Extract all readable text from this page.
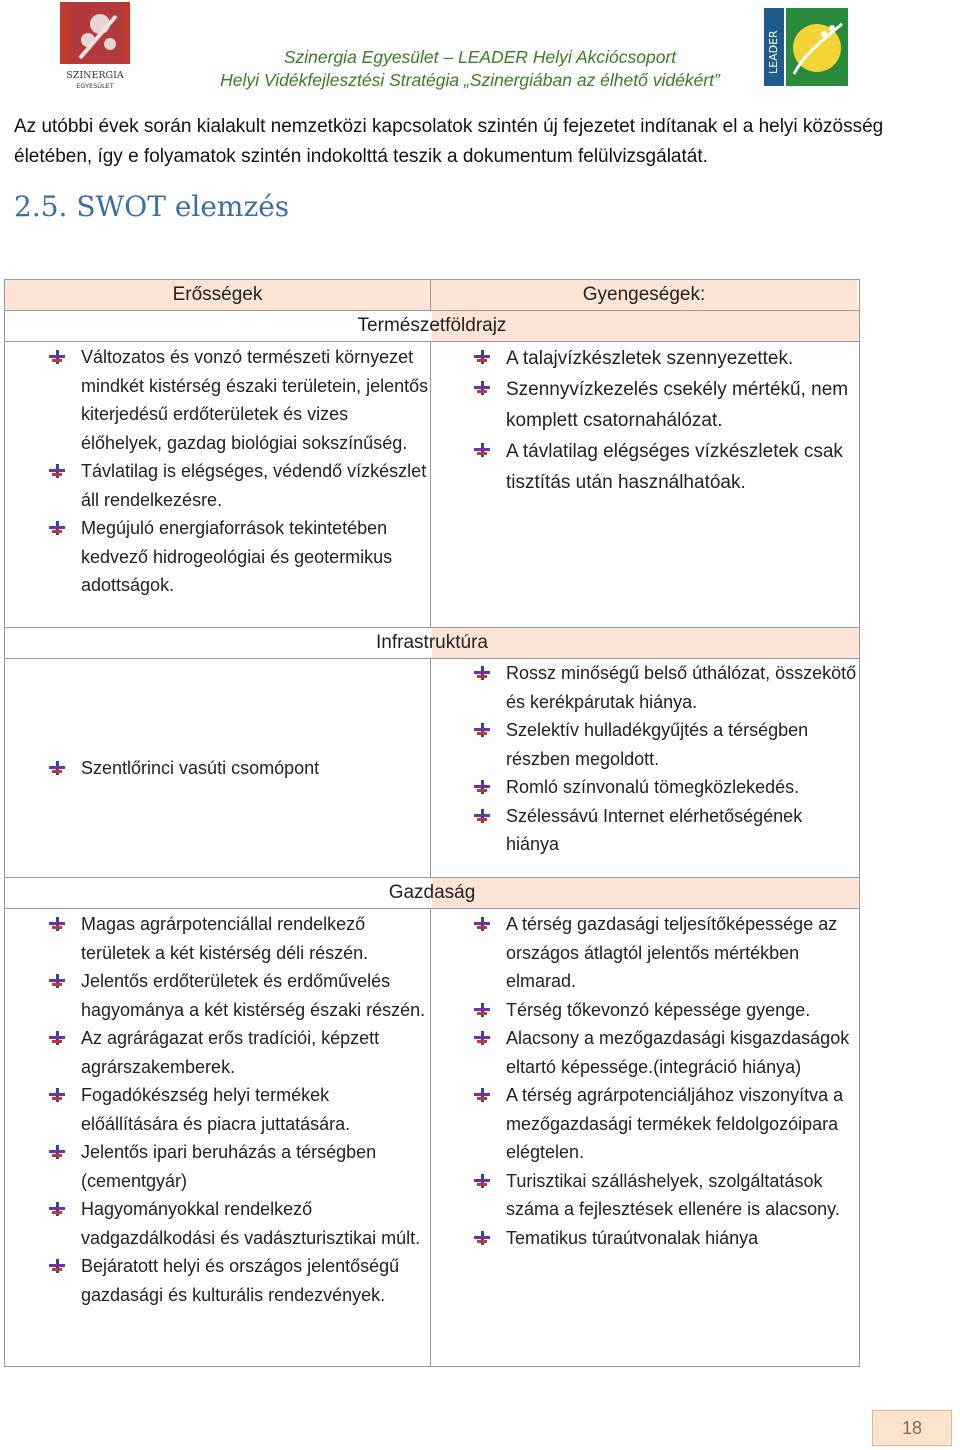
SZINERGIA
EGYESÜLET
LEADER
Szinergia Egyesület – LEADER Helyi Akciócsoport
Helyi Vidékfejlesztési Stratégia „Szinergiában az élhető vidékért”
Az utóbbi évek során kialakult nemzetközi kapcsolatok szintén új fejezetet indítanak el a helyi közösség életében, így e folyamatok szintén indokolttá teszik a dokumentum felülvizsgálatát.
2.5. SWOT elemzés
Erősségek	Gyengeségek:
Természetföldrajz
Változatos és vonzó természeti környezet mindkét kistérség északi területein, jelentős kiterjedésű erdőterületek és vizes élőhelyek, gazdag biológiai sokszínűség.
Távlatilag is elégséges, védendő vízkészlet áll rendelkezésre.
Megújuló energiaforrások tekintetében kedvező hidrogeológiai és geotermikus adottságok.
A talajvízkészletek szennyezettek.
Szennyvízkezelés csekély mértékű, nem komplett csatornahálózat.
A távlatilag elégséges vízkészletek csak tisztítás után használhatóak.
Infrastruktúra
Szentlőrinci vasúti csomópont
Rossz minőségű belső úthálózat, összekötő és kerékpárutak hiánya.
Szelektív hulladékgyűjtés a térségben részben megoldott.
Romló színvonalú tömegközlekedés.
Szélessávú Internet elérhetőségének hiánya
Gazdaság
Magas agrárpotenciállal rendelkező területek a két kistérség déli részén.
Jelentős erdőterületek és erdőművelés hagyománya a két kistérség északi részén.
Az agrárágazat erős tradíciói, képzett agrárszakemberek.
Fogadókészség helyi termékek előállítására és piacra juttatására.
Jelentős ipari beruházás a térségben (cementgyár)
Hagyományokkal rendelkező vadgazdálkodási és vadászturisztikai múlt.
Bejáratott helyi és országos jelentőségű gazdasági és kulturális rendezvények.
A térség gazdasági teljesítőképessége az országos átlagtól jelentős mértékben elmarad.
Térség tőkevonzó képessége gyenge.
Alacsony a mezőgazdasági kisgazdaságok eltartó képessége.(integráció hiánya)
A térség agrárpotenciáljához viszonyítva a mezőgazdasági termékek feldolgozóipara elégtelen.
Turisztikai szálláshelyek, szolgáltatások száma a fejlesztések ellenére is alacsony.
Tematikus túraútvonalak hiánya
18
